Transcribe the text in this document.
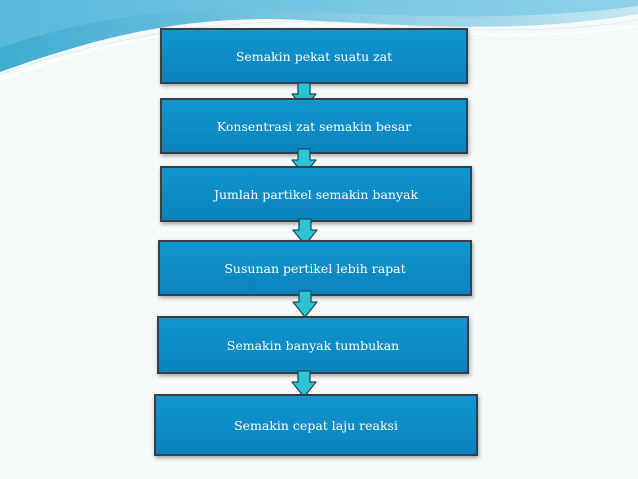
Semakin pekat suatu zat
Konsentrasi zat semakin besar
Jumlah partikel semakin banyak
Susunan pertikel lebih rapat
Semakin banyak tumbukan
Semakin cepat laju reaksi
